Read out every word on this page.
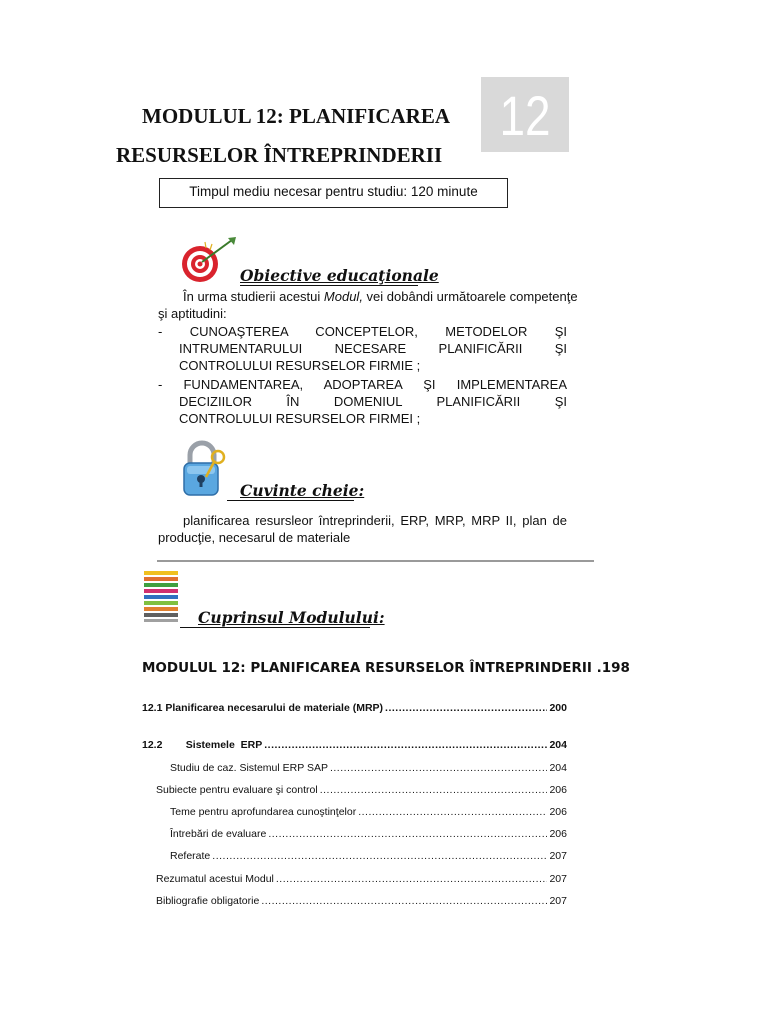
MODULUL 12: PLANIFICAREA
RESURSELOR ÎNTREPRINDERII
12
Timpul mediu necesar pentru studiu: 120 minute
Obiective educaţionale
În urma studierii acestui Modul, vei dobândi următoarele competenţe
şi aptitudini:
- CUNOAŞTEREA CONCEPTELOR, METODELOR ŞI
INTRUMENTARULUI NECESARE PLANIFICĂRII ŞI
CONTROLULUI RESURSELOR FIRMIE ;
- FUNDAMENTAREA, ADOPTAREA ŞI IMPLEMENTAREA
DECIZIILOR ÎN DOMENIUL PLANIFICĂRII ŞI
CONTROLULUI RESURSELOR FIRMEI ;
Cuvinte cheie:
planificarea resursleor întreprinderii, ERP, MRP, MRP II, plan de
producţie, necesarul de materiale
Cuprinsul Modulului:
MODULUL 12: PLANIFICAREA RESURSELOR ÎNTREPRINDERII .198
12.1 Planificarea necesarului de materiale (MRP) .....	200
12.2        Sistemele  ERP .....	204
Studiu de caz. Sistemul ERP SAP .....	204
Subiecte pentru evaluare şi control .....	206
Teme pentru aprofundarea cunoştinţelor .....	206
Întrebări de evaluare .....	206
Referate .....	207
Rezumatul acestui Modul .....	207
Bibliografie obligatorie .....	207
